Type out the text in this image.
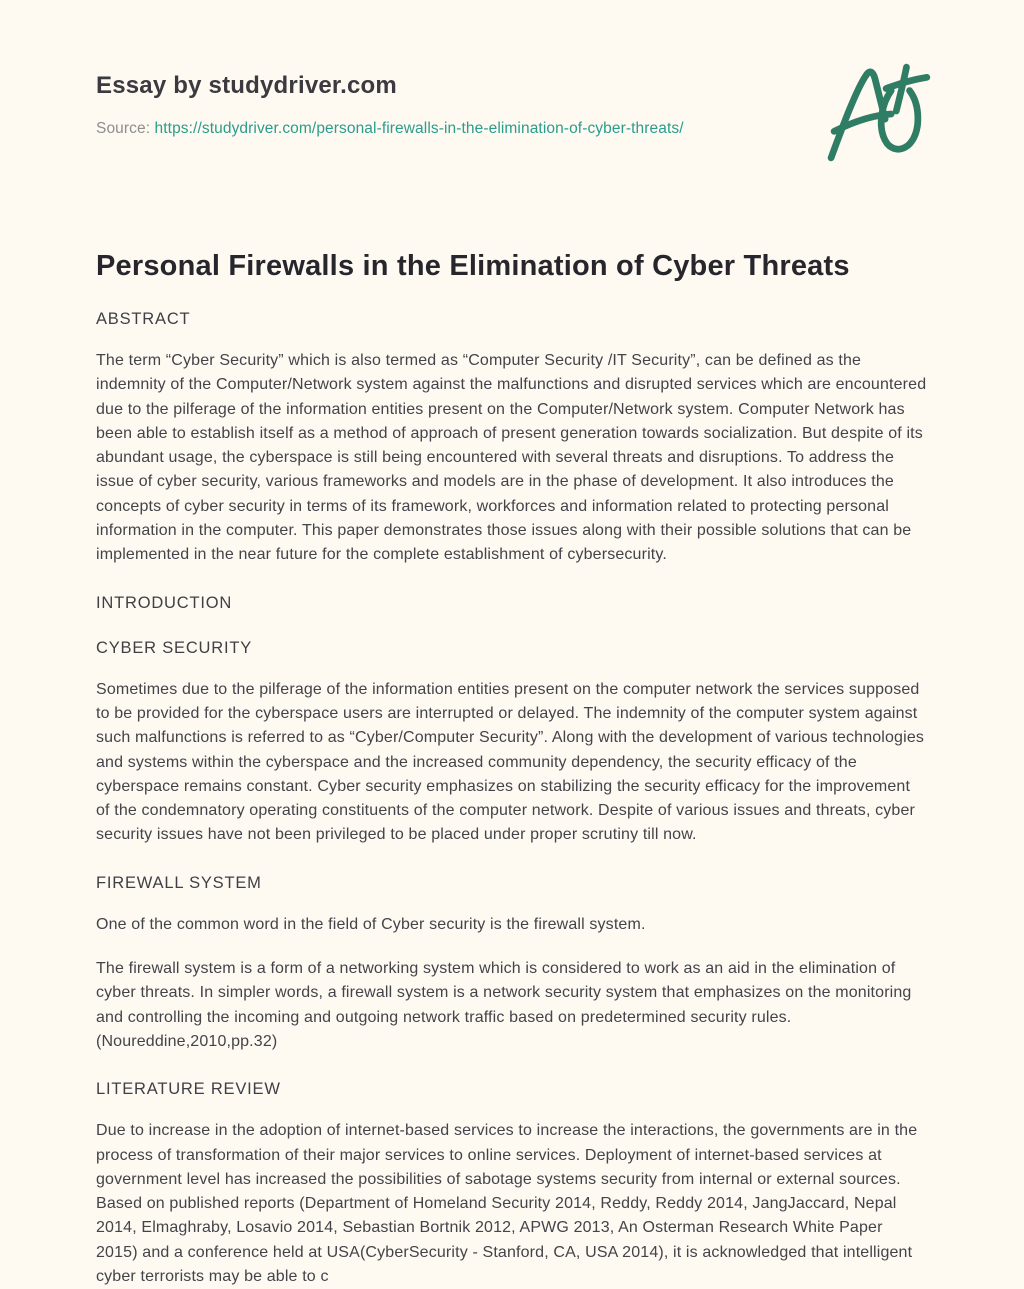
Essay by studydriver.com
Source: https://studydriver.com/personal-firewalls-in-the-elimination-of-cyber-threats/
Personal Firewalls in the Elimination of Cyber Threats
ABSTRACT

The term “Cyber Security” which is also termed as “Computer Security /IT Security”, can be defined as the indemnity of the Computer/Network system against the malfunctions and disrupted services which are encountered due to the pilferage of the information entities present on the Computer/Network system. Computer Network has been able to establish itself as a method of approach of present generation towards socialization. But despite of its abundant usage, the cyberspace is still being encountered with several threats and disruptions. To address the issue of cyber security, various frameworks and models are in the phase of development. It also introduces the concepts of cyber security in terms of its framework, workforces and information related to protecting personal information in the computer. This paper demonstrates those issues along with their possible solutions that can be implemented in the near future for the complete establishment of cybersecurity.

INTRODUCTION
CYBER SECURITY

Sometimes due to the pilferage of the information entities present on the computer network the services supposed to be provided for the cyberspace users are interrupted or delayed. The indemnity of the computer system against such malfunctions is referred to as “Cyber/Computer Security”. Along with the development of various technologies and systems within the cyberspace and the increased community dependency, the security efficacy of the cyberspace remains constant. Cyber security emphasizes on stabilizing the security efficacy for the improvement of the condemnatory operating constituents of the computer network. Despite of various issues and threats, cyber security issues have not been privileged to be placed under proper scrutiny till now.

FIREWALL SYSTEM

One of the common word in the field of Cyber security is the firewall system.

The firewall system is a form of a networking system which is considered to work as an aid in the elimination of cyber threats. In simpler words, a firewall system is a network security system that emphasizes on the monitoring and controlling the incoming and outgoing network traffic based on predetermined security rules. (Noureddine,2010,pp.32)

LITERATURE REVIEW

Due to increase in the adoption of internet-based services to increase the interactions, the governments are in the process of transformation of their major services to online services. Deployment of internet-based services at government level has increased the possibilities of sabotage systems security from internal or external sources. Based on published reports (Department of Homeland Security 2014, Reddy, Reddy 2014, JangJaccard, Nepal 2014, Elmaghraby, Losavio 2014, Sebastian Bortnik 2012, APWG 2013, An Osterman Research White Paper 2015) and a conference held at USA(CyberSecurity - Stanford, CA, USA 2014), it is acknowledged that intelligent cyber terrorists may be able to c
